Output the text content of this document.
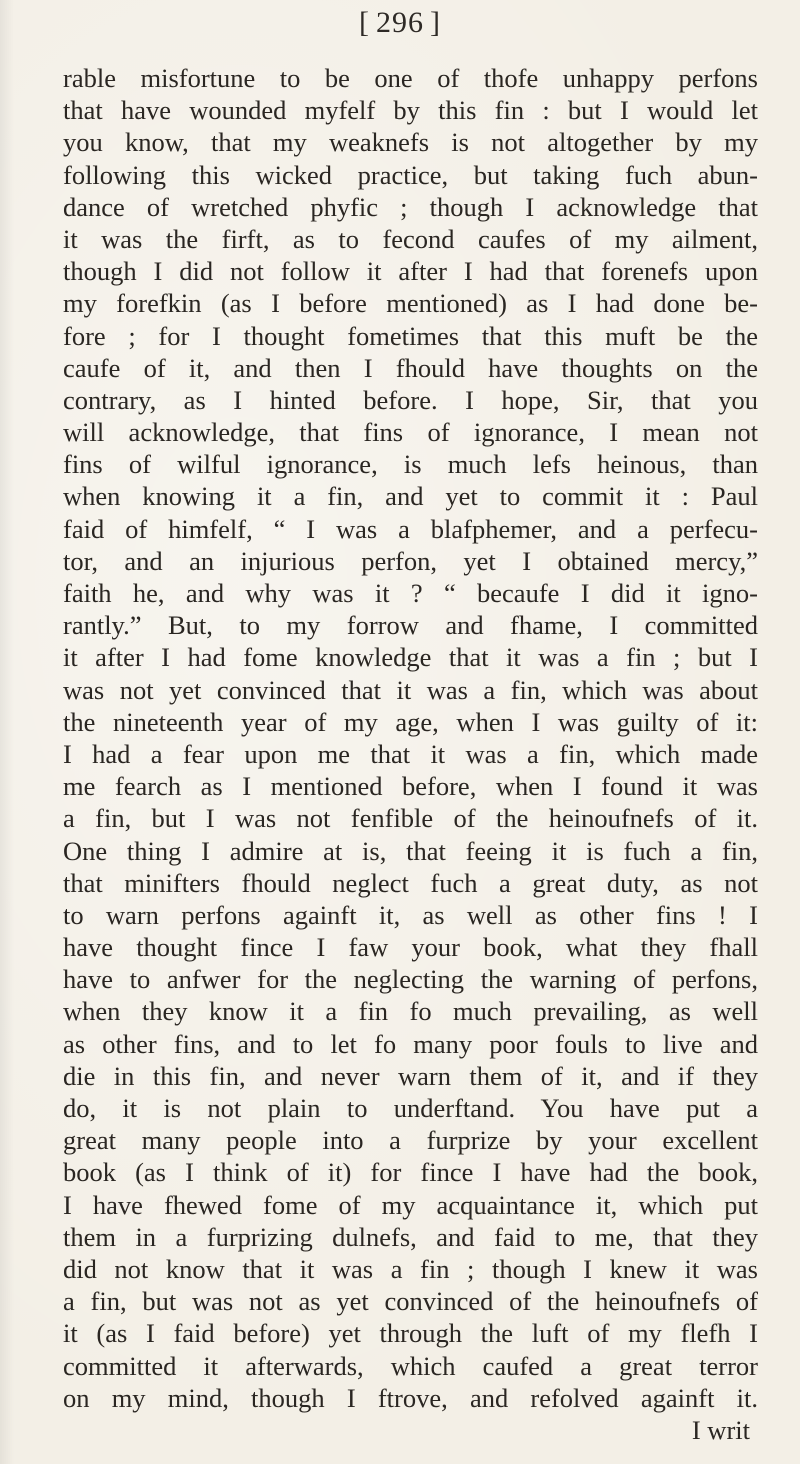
[ 296 ]
rable misfortune to be one of thofe unhappy perfons
that have wounded myfelf by this fin : but I would let
you know, that my weaknefs is not altogether by my
following this wicked practice, but taking fuch abun-
dance of wretched phyfic ; though I acknowledge that
it was the firft, as to fecond caufes of my ailment,
though I did not follow it after I had that forenefs upon
my forefkin (as I before mentioned) as I had done be-
fore ; for I thought fometimes that this muft be the
caufe of it, and then I fhould have thoughts on the
contrary, as I hinted before. I hope, Sir, that you
will acknowledge, that fins of ignorance, I mean not
fins of wilful ignorance, is much lefs heinous, than
when knowing it a fin, and yet to commit it : Paul
faid of himfelf, “ I was a blafphemer, and a perfecu-
tor, and an injurious perfon, yet I obtained mercy,”
faith he, and why was it ? “ becaufe I did it igno-
rantly.” But, to my forrow and fhame, I committed
it after I had fome knowledge that it was a fin ; but I
was not yet convinced that it was a fin, which was about
the nineteenth year of my age, when I was guilty of it:
I had a fear upon me that it was a fin, which made
me fearch as I mentioned before, when I found it was
a fin, but I was not fenfible of the heinoufnefs of it.
One thing I admire at is, that feeing it is fuch a fin,
that minifters fhould neglect fuch a great duty, as not
to warn perfons againft it, as well as other fins ! I
have thought fince I faw your book, what they fhall
have to anfwer for the neglecting the warning of perfons,
when they know it a fin fo much prevailing, as well
as other fins, and to let fo many poor fouls to live and
die in this fin, and never warn them of it, and if they
do, it is not plain to underftand. You have put a
great many people into a furprize by your excellent
book (as I think of it) for fince I have had the book,
I have fhewed fome of my acquaintance it, which put
them in a furprizing dulnefs, and faid to me, that they
did not know that it was a fin ; though I knew it was
a fin, but was not as yet convinced of the heinoufnefs of
it (as I faid before) yet through the luft of my flefh I
committed it afterwards, which caufed a great terror
on my mind, though I ftrove, and refolved againft it.
I writ
